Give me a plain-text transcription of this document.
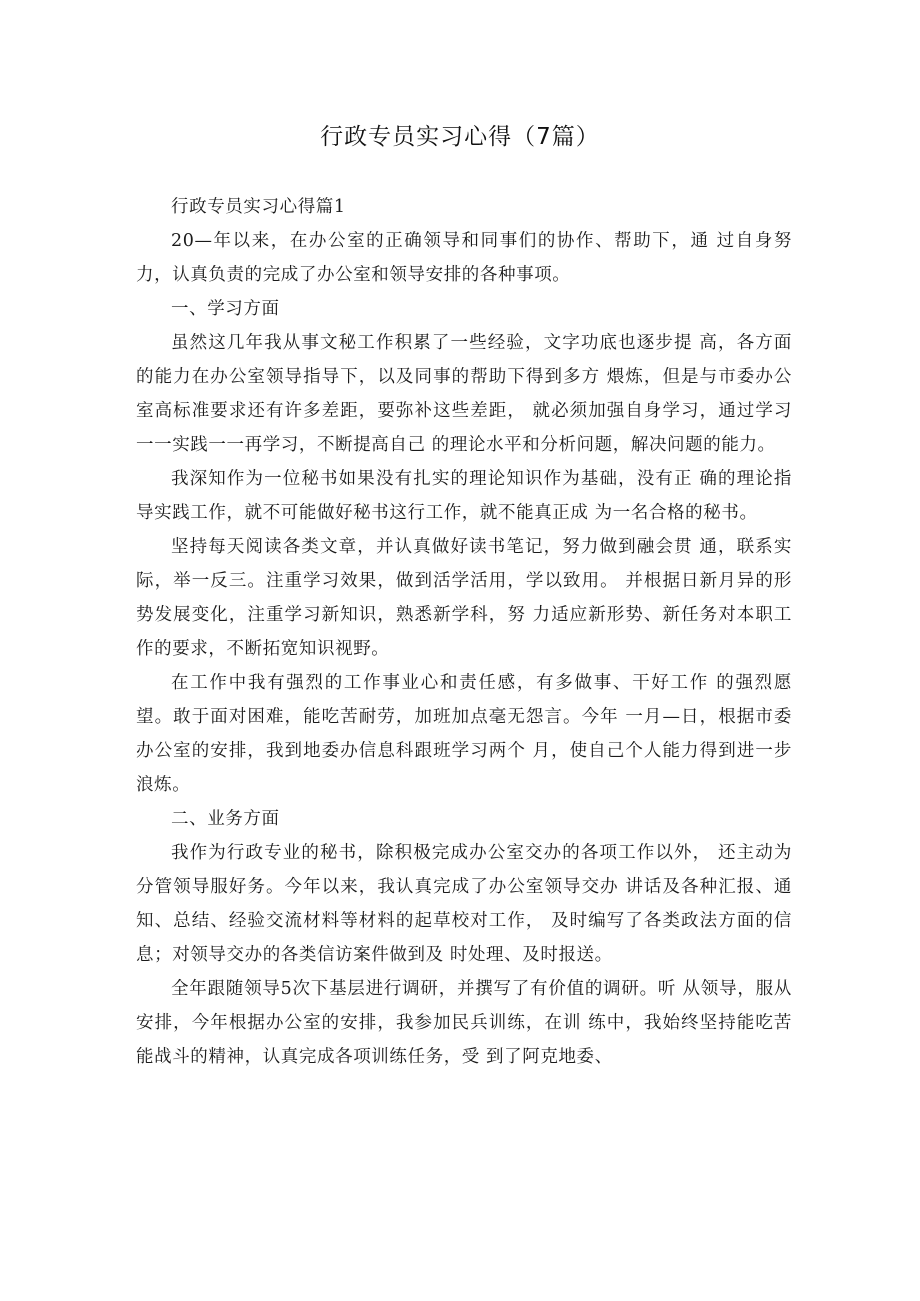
行政专员实习心得（7篇）

行政专员实习心得篇1

20—年以来，在办公室的正确领导和同事们的协作、帮助下，通 过自身努力，认真负责的完成了办公室和领导安排的各种事项。

一、学习方面

虽然这几年我从事文秘工作积累了一些经验，文字功底也逐步提 高，各方面的能力在办公室领导指导下，以及同事的帮助下得到多方 煨炼，但是与市委办公室高标准要求还有许多差距，要弥补这些差距， 就必须加强自身学习，通过学习一一实践一一再学习，不断提高自己 的理论水平和分析问题，解决问题的能力。

我深知作为一位秘书如果没有扎实的理论知识作为基础，没有正 确的理论指导实践工作，就不可能做好秘书这行工作，就不能真正成 为一名合格的秘书。

坚持每天阅读各类文章，并认真做好读书笔记，努力做到融会贯 通，联系实际，举一反三。注重学习效果，做到活学活用，学以致用。 并根据日新月异的形势发展变化，注重学习新知识，熟悉新学科，努 力适应新形势、新任务对本职工作的要求，不断拓宽知识视野。

在工作中我有强烈的工作事业心和责任感，有多做事、干好工作 的强烈愿望。敢于面对困难，能吃苦耐劳，加班加点毫无怨言。今年 一月—日，根据市委办公室的安排，我到地委办信息科跟班学习两个 月，使自己个人能力得到进一步浪炼。

二、业务方面

我作为行政专业的秘书，除积极完成办公室交办的各项工作以外， 还主动为分管领导服好务。今年以来，我认真完成了办公室领导交办 讲话及各种汇报、通知、总结、经验交流材料等材料的起草校对工作， 及时编写了各类政法方面的信息；对领导交办的各类信访案件做到及 时处理、及时报送。

全年跟随领导5次下基层进行调研，并撰写了有价值的调研。听 从领导，服从安排，今年根据办公室的安排，我参加民兵训练，在训 练中，我始终坚持能吃苦能战斗的精神，认真完成各项训练任务，受 到了阿克地委、
